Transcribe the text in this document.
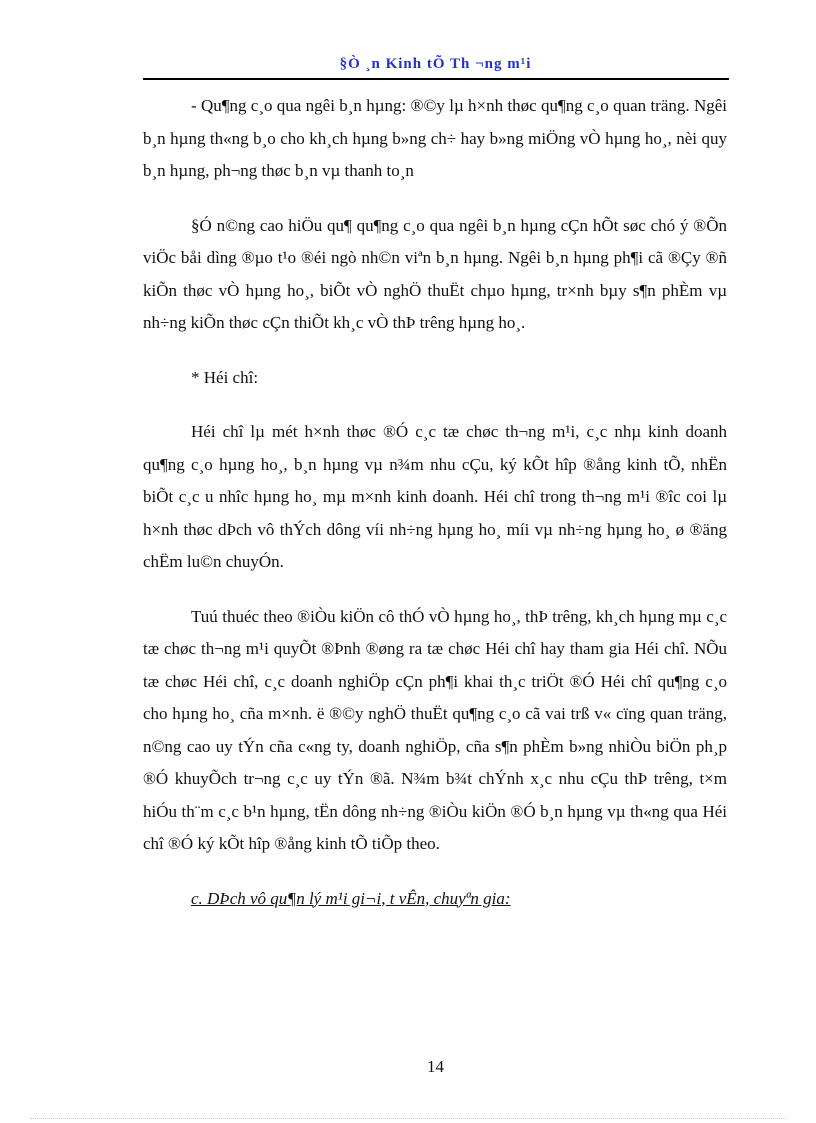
§Ò ¸n Kinh tÕ Th ¬ng m¹i

- Qu¶ng c¸o qua ngêi b¸n hµng: ®©y lµ h×nh thøc qu¶ng c¸o quan träng. Ngêi b¸n hµng th«ng b¸o cho kh¸ch hµng b»ng ch÷ hay b»ng miÖng vÒ hµng ho¸, nèi quy b¸n hµng, ph¬ng thøc b¸n vµ thanh to¸n

§Ó n©ng cao hiÖu qu¶ qu¶ng c¸o qua ngêi b¸n hµng cÇn hÕt søc chó ý ®Õn viÖc båi dìng ®µo t¹o ®éi ngò nh©n viªn b¸n hµng. Ngêi b¸n hµng ph¶i cã ®Çy ®ñ kiÕn thøc vÒ hµng ho¸, biÕt vÒ nghÖ thuËt chµo hµng, tr×nh bµy s¶n phÈm vµ nh÷ng kiÕn thøc cÇn thiÕt kh¸c vÒ thÞ trêng hµng ho¸.

* Héi chî:

Héi chî lµ mét h×nh thøc ®Ó c¸c tæ chøc th¬ng m¹i, c¸c nhµ kinh doanh qu¶ng c¸o hµng ho¸, b¸n hµng vµ n¾m nhu cÇu, ký kÕt hîp ®ång kinh tÕ, nhËn biÕt c¸c u nhîc hµng ho¸ mµ m×nh kinh doanh. Héi chî trong th¬ng m¹i ®îc coi lµ h×nh thøc dÞch vô thÝch dông víi nh÷ng hµng ho¸ míi vµ nh÷ng hµng ho¸ ø ®äng chËm lu©n chuyÓn.

Tuú thuéc theo ®iÒu kiÖn cô thÓ vÒ hµng ho¸, thÞ trêng, kh¸ch hµng mµ c¸c tæ chøc th¬ng m¹i quyÕt ®Þnh ®øng ra tæ chøc Héi chî hay tham gia Héi chî. NÕu tæ chøc Héi chî, c¸c doanh nghiÖp cÇn ph¶i khai th¸c triÖt ®Ó Héi chî qu¶ng c¸o cho hµng ho¸ cña m×nh. ë ®©y nghÖ thuËt qu¶ng c¸o cã vai trß v« cïng quan träng, n©ng cao uy tÝn cña c«ng ty, doanh nghiÖp, cña s¶n phÈm b»ng nhiÒu biÖn ph¸p ®Ó khuyÕch tr¬ng c¸c uy tÝn ®ã. N¾m b¾t chÝnh x¸c nhu cÇu thÞ trêng, t×m hiÓu th¨m c¸c b¹n hµng, tËn dông nh÷ng ®iÒu kiÖn ®Ó b¸n hµng vµ th«ng qua Héi chî ®Ó ký kÕt hîp ®ång kinh tÕ tiÕp theo.

c. DÞch vô qu¶n lý m¹i gi¬i, t vÊn, chuyªn gia:

14
